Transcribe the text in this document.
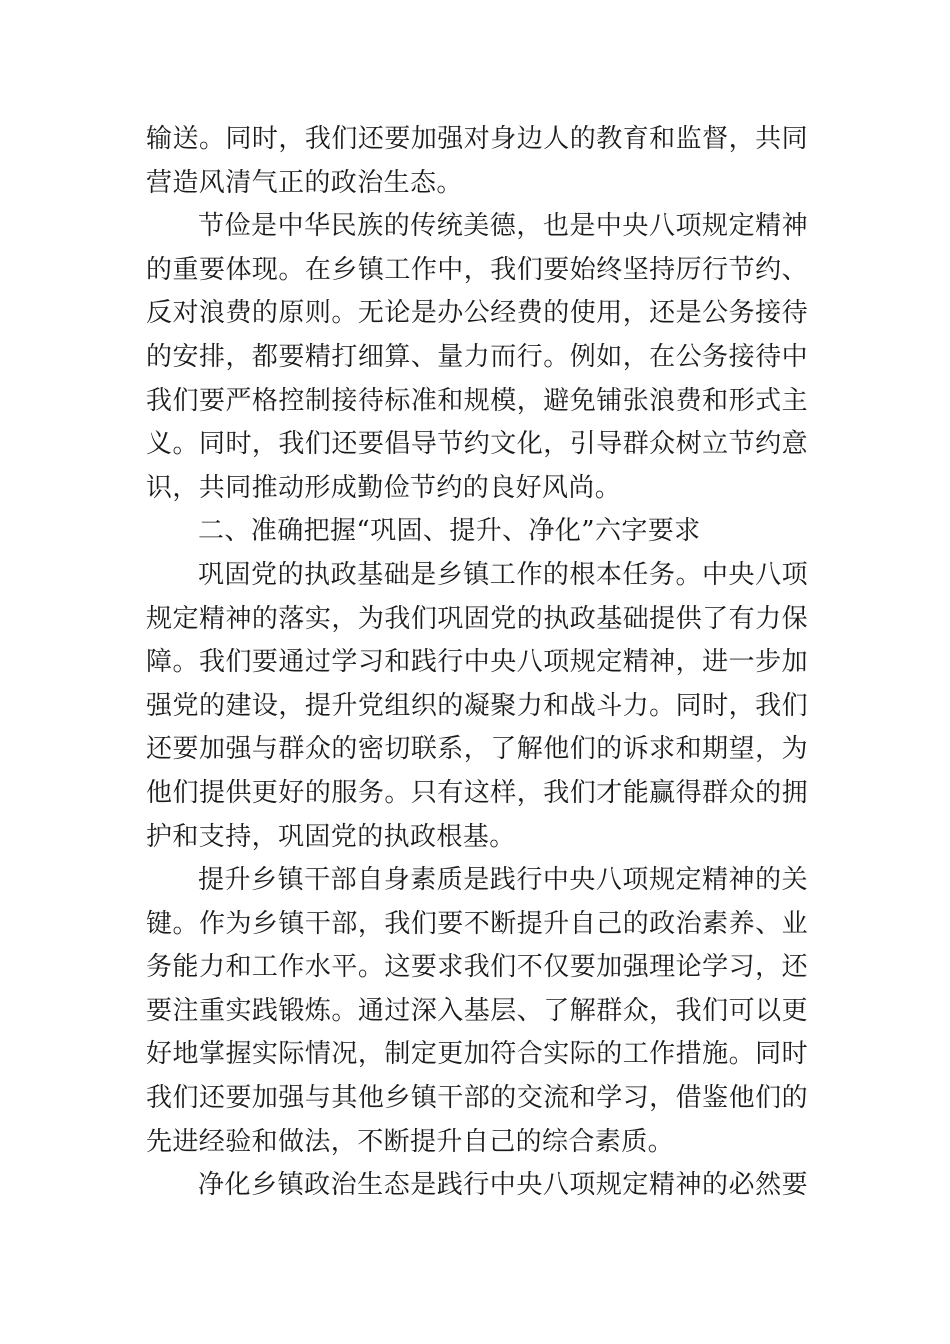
输送。同时，我们还要加强对身边人的教育和监督，共同
营造风清气正的政治生态。
节俭是中华民族的传统美德，也是中央八项规定精神
的重要体现。在乡镇工作中，我们要始终坚持厉行节约、
反对浪费的原则。无论是办公经费的使用，还是公务接待
的安排，都要精打细算、量力而行。例如，在公务接待中
我们要严格控制接待标准和规模，避免铺张浪费和形式主
义。同时，我们还要倡导节约文化，引导群众树立节约意
识，共同推动形成勤俭节约的良好风尚。
二、准确把握“巩固、提升、净化”六字要求
巩固党的执政基础是乡镇工作的根本任务。中央八项
规定精神的落实，为我们巩固党的执政基础提供了有力保
障。我们要通过学习和践行中央八项规定精神，进一步加
强党的建设，提升党组织的凝聚力和战斗力。同时，我们
还要加强与群众的密切联系，了解他们的诉求和期望，为
他们提供更好的服务。只有这样，我们才能赢得群众的拥
护和支持，巩固党的执政根基。
提升乡镇干部自身素质是践行中央八项规定精神的关
键。作为乡镇干部，我们要不断提升自己的政治素养、业
务能力和工作水平。这要求我们不仅要加强理论学习，还
要注重实践锻炼。通过深入基层、了解群众，我们可以更
好地掌握实际情况，制定更加符合实际的工作措施。同时
我们还要加强与其他乡镇干部的交流和学习，借鉴他们的
先进经验和做法，不断提升自己的综合素质。
净化乡镇政治生态是践行中央八项规定精神的必然要
